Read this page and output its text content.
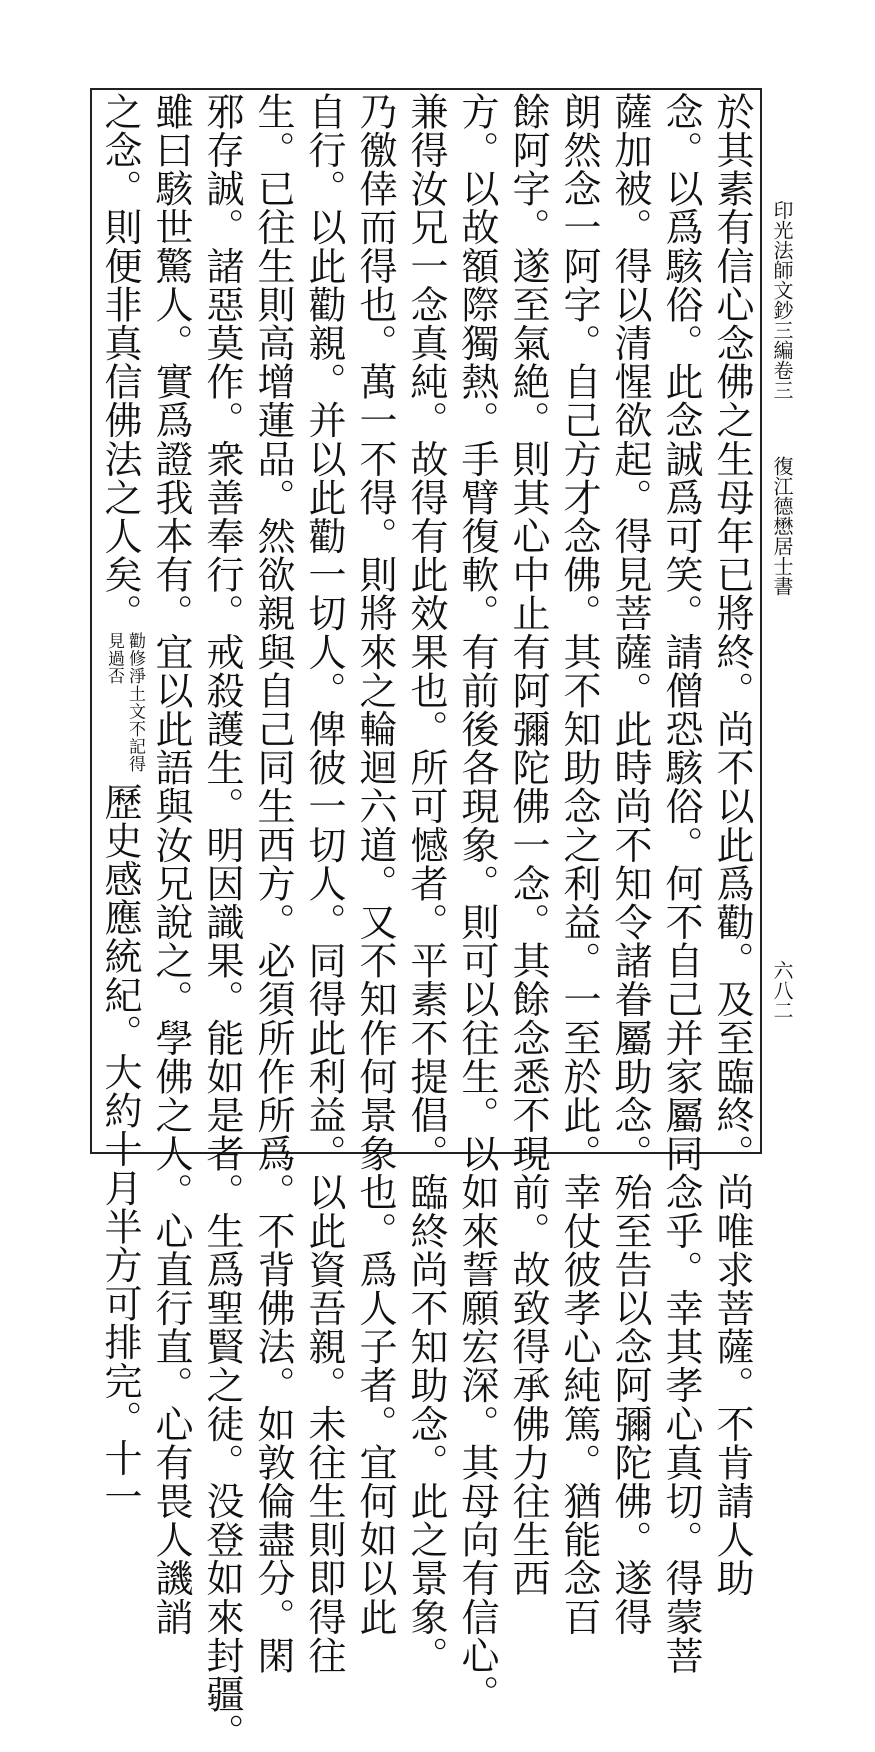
印光法師文鈔三編卷三
復江德懋居士書
六八二
於其素有信心念佛之生母年已將終。尚不以此爲勸。及至臨終。尚唯求菩薩。不肯請人助
念。以爲駭俗。此念誠爲可笑。請僧恐駭俗。何不自己并家屬同念乎。幸其孝心真切。得蒙菩
薩加被。得以清惺欲起。得見菩薩。此時尚不知令諸眷屬助念。殆至告以念阿彌陀佛。遂得
朗然念一阿字。自己方才念佛。其不知助念之利益。一至於此。幸仗彼孝心純篤。猶能念百
餘阿字。遂至氣絶。則其心中止有阿彌陀佛一念。其餘念悉不現前。故致得承佛力往生西
方。以故額際獨熱。手臂復軟。有前後各現象。則可以往生。以如來誓願宏深。其母向有信心。
兼得汝兄一念真純。故得有此效果也。所可憾者。平素不提倡。臨終尚不知助念。此之景象。
乃徼倖而得也。萬一不得。則將來之輪迴六道。又不知作何景象也。爲人子者。宜何如以此
自行。以此勸親。并以此勸一切人。俾彼一切人。同得此利益。以此資吾親。未往生則即得往
生。已往生則高增蓮品。然欲親與自己同生西方。必須所作所爲。不背佛法。如敦倫盡分。閑
邪存誠。諸惡莫作。衆善奉行。戒殺護生。明因識果。能如是者。生爲聖賢之徒。没登如來封疆。
雖曰駭世驚人。實爲證我本有。宜以此語與汝兄說之。學佛之人。心直行直。心有畏人譏誚
之念。則便非真信佛法之人矣。勸修淨土文不記得見過否歷史感應統紀。大約十月半方可排完。十一
